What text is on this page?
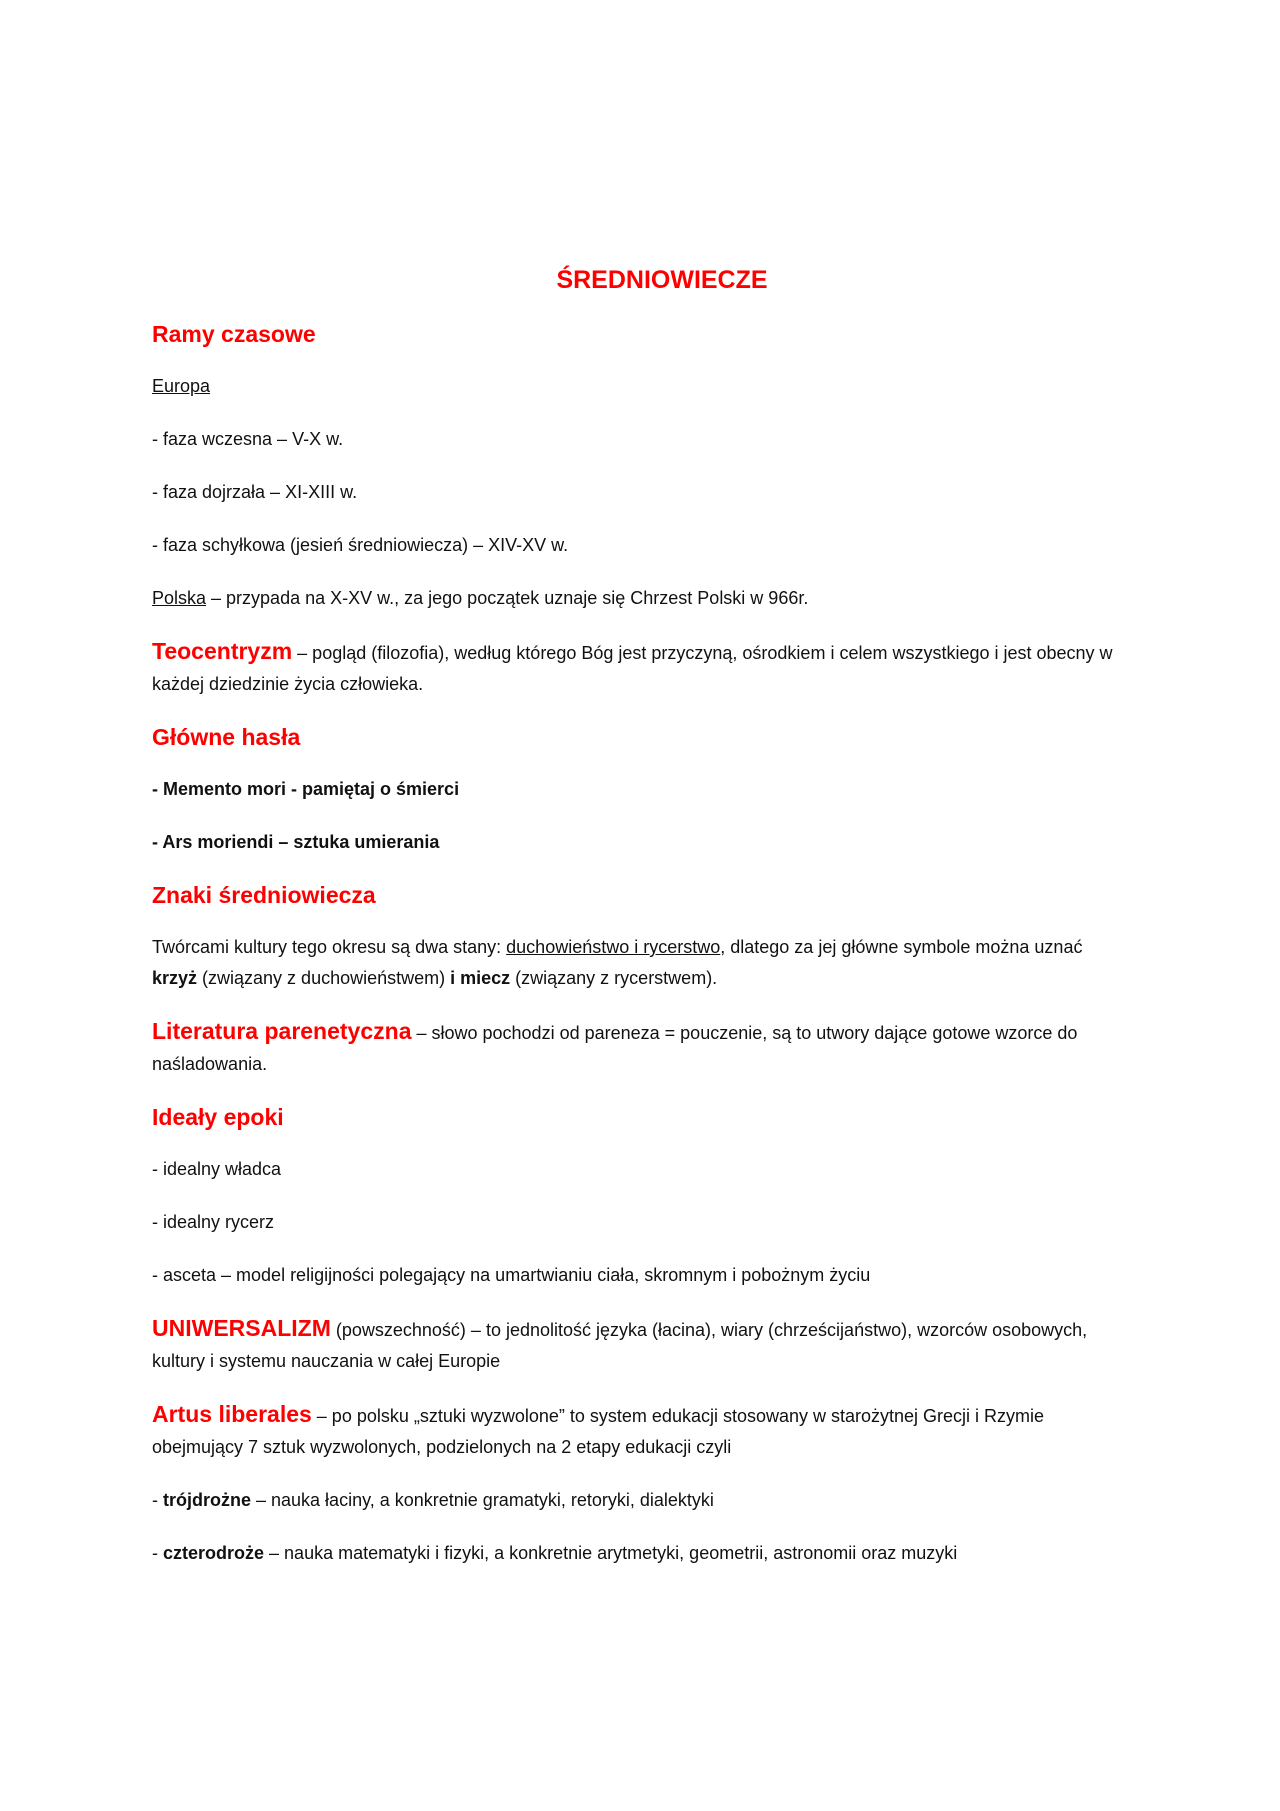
ŚREDNIOWIECZE
Ramy czasowe

Europa

- faza wczesna – V-X w.

- faza dojrzała – XI-XIII w.

- faza schyłkowa (jesień średniowiecza) – XIV-XV w.

Polska – przypada na X-XV w., za jego początek uznaje się Chrzest Polski w 966r.

Teocentryzm – pogląd (filozofia), według którego Bóg jest przyczyną, ośrodkiem i celem wszystkiego i jest obecny w każdej dziedzinie życia człowieka.

Główne hasła

- Memento mori - pamiętaj o śmierci

- Ars moriendi – sztuka umierania

Znaki średniowiecza

Twórcami kultury tego okresu są dwa stany: duchowieństwo i rycerstwo, dlatego za jej główne symbole można uznać krzyż (związany z duchowieństwem) i miecz (związany z rycerstwem).

Literatura parenetyczna – słowo pochodzi od pareneza = pouczenie, są to utwory dające gotowe wzorce do naśladowania.

Ideały epoki

- idealny władca

- idealny rycerz

- asceta – model religijności polegający na umartwianiu ciała, skromnym i pobożnym życiu

UNIWERSALIZM (powszechność) – to jednolitość języka (łacina), wiary (chrześcijaństwo), wzorców osobowych, kultury i systemu nauczania w całej Europie

Artus liberales – po polsku „sztuki wyzwolone” to system edukacji stosowany w starożytnej Grecji i Rzymie obejmujący 7 sztuk wyzwolonych, podzielonych na 2 etapy edukacji czyli

- trójdrożne – nauka łaciny, a konkretnie gramatyki, retoryki, dialektyki

- czterodroże – nauka matematyki i fizyki, a konkretnie arytmetyki, geometrii, astronomii oraz muzyki
